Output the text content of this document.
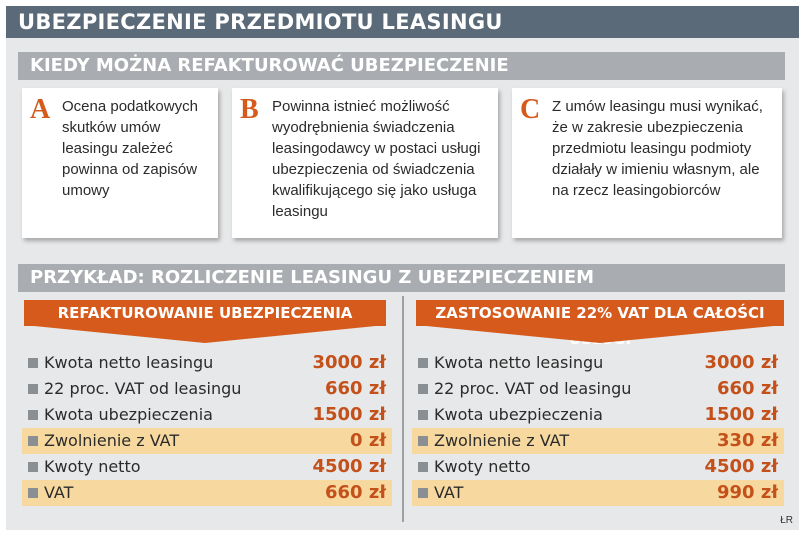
UBEZPIECZENIE PRZEDMIOTU LEASINGU
KIEDY MOŻNA REFAKTUROWAĆ UBEZPIECZENIE
A Ocena podatkowych skutków umów leasingu zależeć powinna od zapisów umowy
B Powinna istnieć możliwość wyodrębnienia świadczenia leasingodawcy w postaci usługi ubezpieczenia od świadczenia kwalifikującego się jako usługa leasingu
C Z umów leasingu musi wynikać, że w zakresie ubezpieczenia przedmiotu leasingu podmioty działały w imieniu własnym, ale na rzecz leasingobiorców
PRZYKŁAD: ROZLICZENIE LEASINGU Z UBEZPIECZENIEM
REFAKTUROWANIE UBEZPIECZENIA
Kwota netto leasingu	3000 zł
22 proc. VAT od leasingu	660 zł
Kwota ubezpieczenia	1500 zł
Zwolnienie z VAT	0 zł
Kwoty netto	4500 zł
VAT	660 zł
ZASTOSOWANIE 22% VAT DLA CAŁOŚCI
Kwota netto leasingu	3000 zł
22 proc. VAT od leasingu	660 zł
Kwota ubezpieczenia	1500 zł
Zwolnienie z VAT	330 zł
Kwoty netto	4500 zł
VAT	990 zł
ŁR
